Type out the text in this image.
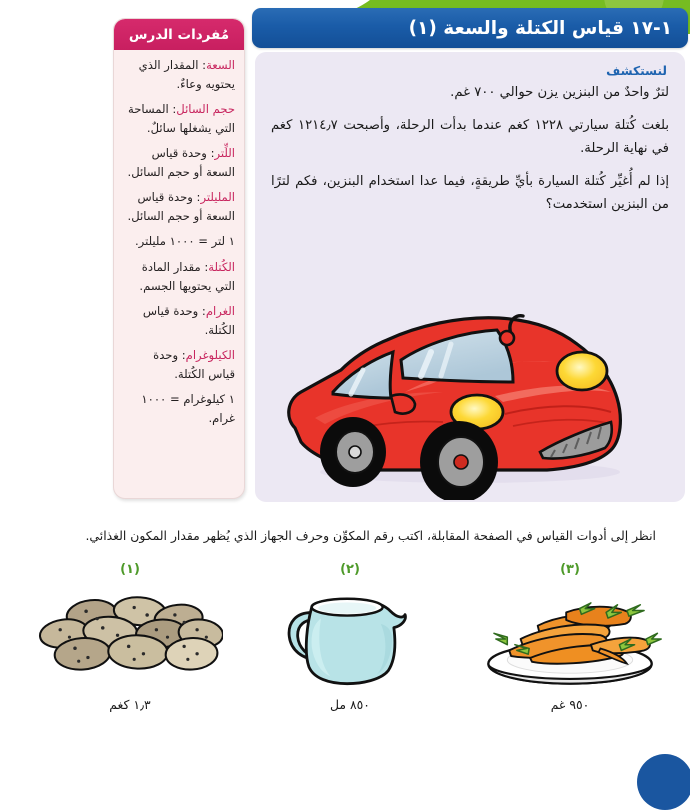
١-١٧ قياس الكتلة والسعة (١)
مُفردات الدرس
السعة: المقدار الذي يحتويه وعاءٌ.
حجم السائل: المساحة التي يشغلها سائلٌ.
اللِّتر: وحدة قياس السعة أو حجم السائل.
المليلتر: وحدة قياس السعة أو حجم السائل.
١ لتر = ١٠٠٠ مليلتر.
الكُتلة: مقدار المادة التي يحتويها الجسم.
الغرام: وحدة قياس الكُتلة.
الكيلوغرام: وحدة قياس الكُتلة.
١ كيلوغرام = ١٠٠٠ غرام.
لنستكشف
لترٌ واحدٌ من البنزين يزن حوالي ٧٠٠ غم.
بلغت كُتلة سيارتي ١٢٢٨ كغم عندما بدأت الرحلة، وأصبحت ١٢١٤٫٧ كغم في نهاية الرحلة.
إذا لم أُغيِّر كُتلة السيارة بأيِّ طريقةٍ، فيما عدا استخدام البنزين، فكم لترًا من البنزين استخدمت؟
انظر إلى أدوات القياس في الصفحة المقابلة، اكتب رقم المكوِّن وحرف الجهاز الذي يُظهر مقدار المكون الغذائي.
(٣)
٩٥٠ غم
(٢)
٨٥٠ مل
(١)
١٫٣ كغم
